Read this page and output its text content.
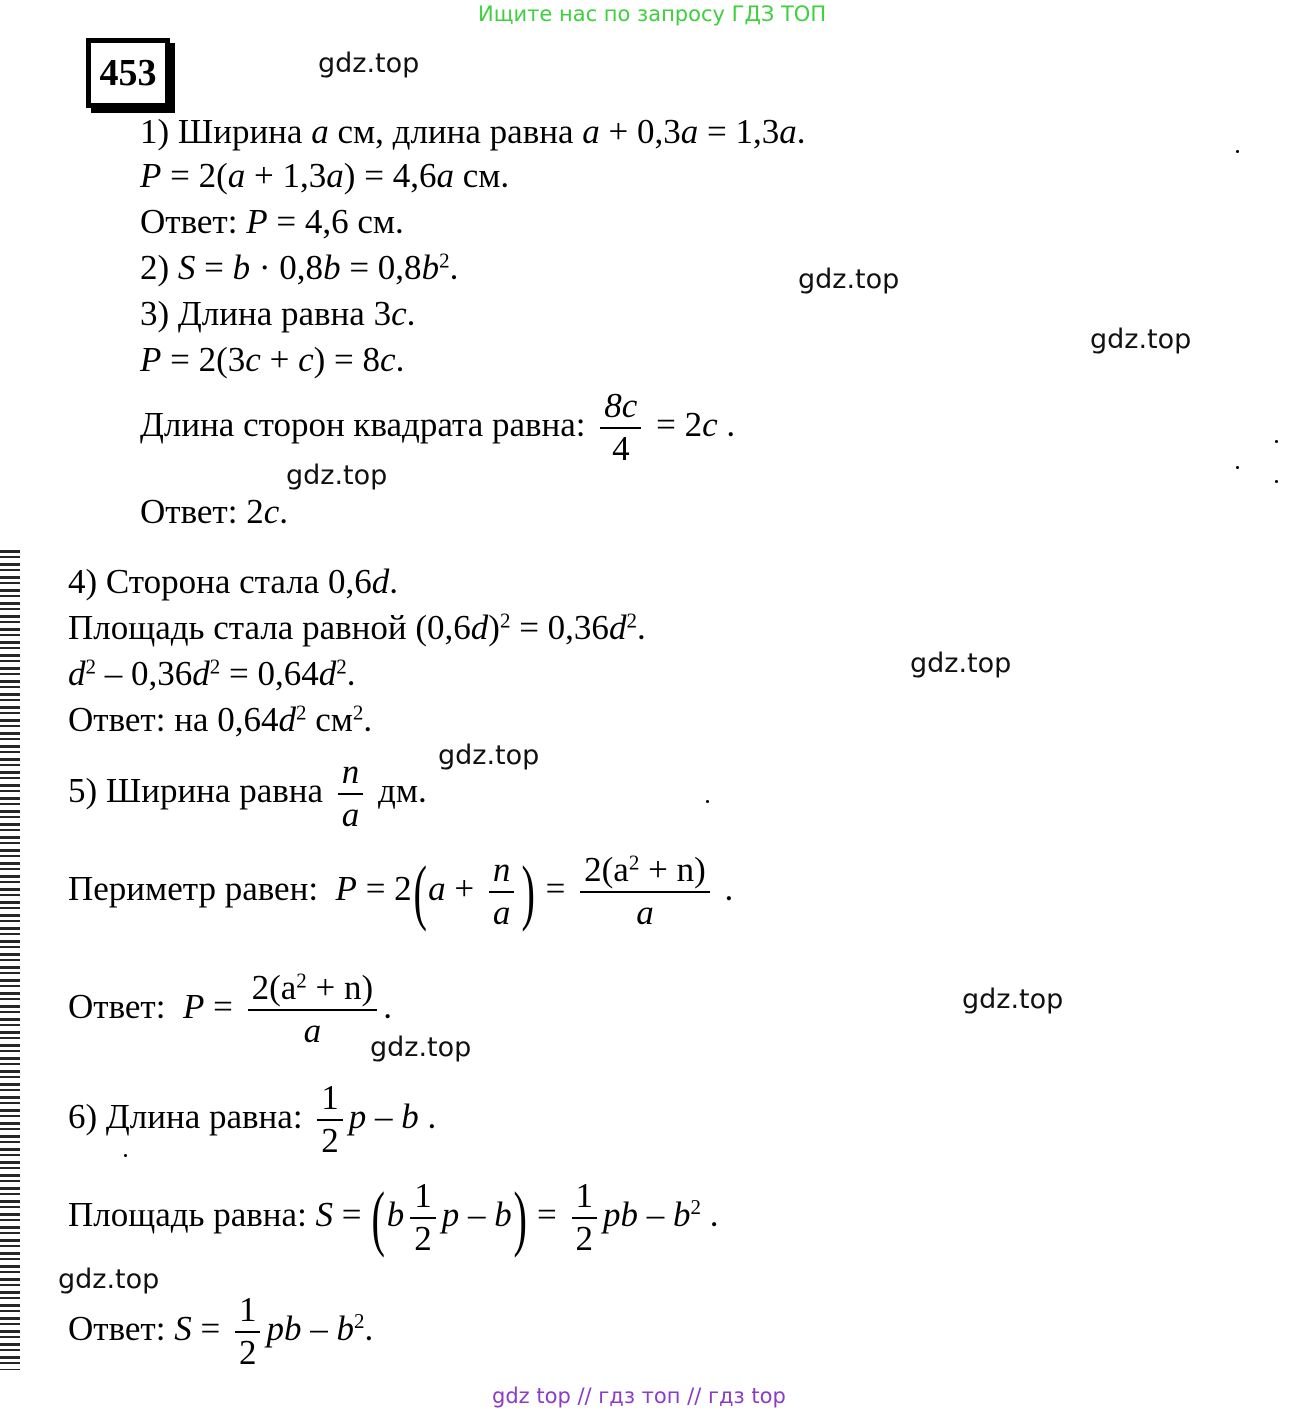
Ищите нас по запросу ГДЗ ТОП
453	gdz.top
gdz.top
gdz.top
gdz.top
gdz.top
gdz.top
gdz.top
gdz.top
gdz.top
1) Ширина a см, длина равна a + 0,3a = 1,3a.
P = 2(a + 1,3a) = 4,6a см.
Ответ: P = 4,6 см.
2) $S = b \cdot 0,8b = 0,8b^2$.
3) Длина равна 3c.
P = 2(3c + c) = 8c.
Длина сторон квадрата равна: $\frac{8c}{4} = 2c$ .
Ответ: 2c.
4) Сторона стала 0,6d.
Площадь стала равной $(0,6d)^2 = 0,36d^2$.
$d^2 - 0,36d^2 = 0,64d^2$.
Ответ: на $0,64d^2$ $см^2$.
5) Ширина равна $\frac{n}{a}$ дм.
Периметр равен: $P = 2(a + \frac{n}{a}$ ) = $\frac{2(a^2 + n)}{a}$ .
Ответ: $P = \frac{2(a^2 + n)}{a}$ .
6) Длина равна: $\frac{1}{2}$ p – b .
Площадь равна: $S = (b \frac{1}{2}$ $p - b) = \frac{1}{2}$ pb – $b^2$ .
Ответ: $S = \frac{1}{2}$ pb – $b^2$.
gdz top // гдз топ // гдз top
